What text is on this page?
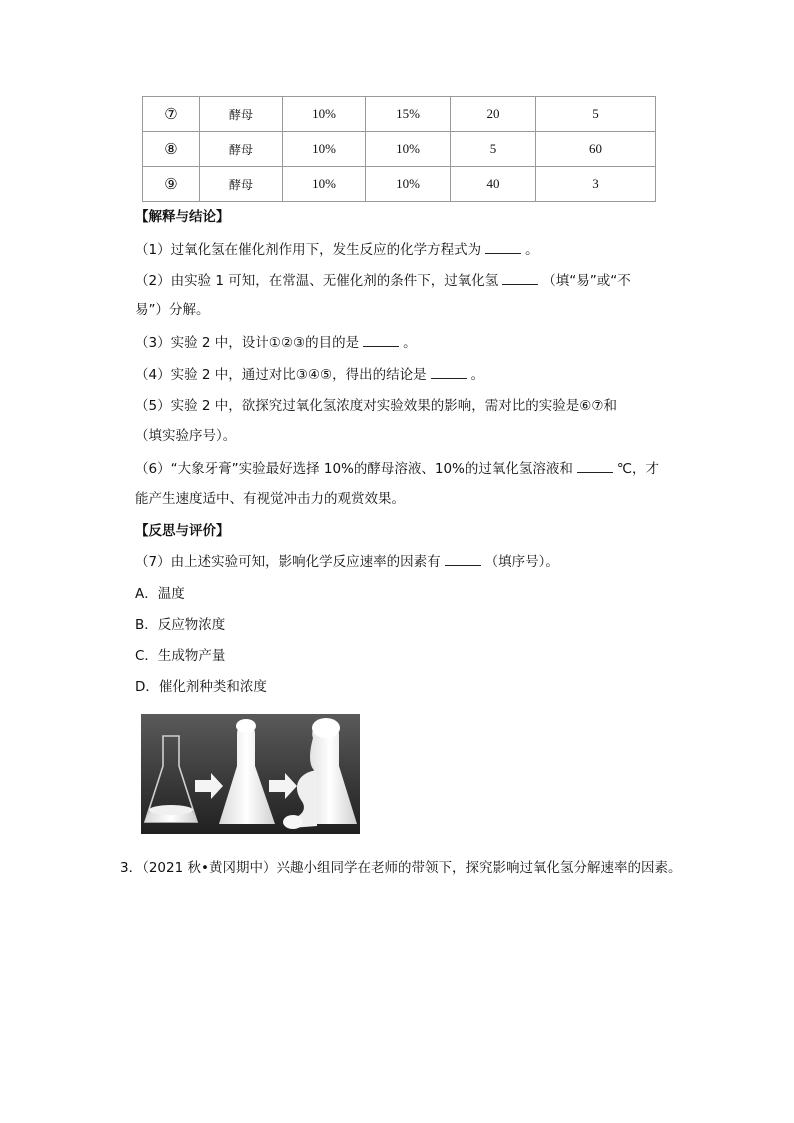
⑦	酵母	10%	15%	20	5
⑧	酵母	10%	10%	5	60
⑨	酵母	10%	10%	40	3
【解释与结论】
（1）过氧化氢在催化剂作用下，发生反应的化学方程式为	。
（2）由实验 1 可知，在常温、无催化剂的条件下，过氧化氢	（填“易”或“不
易”）分解。
（3）实验 2 中，设计①②③的目的是	。
（4）实验 2 中，通过对比③④⑤，得出的结论是	。
（5）实验 2 中，欲探究过氧化氢浓度对实验效果的影响，需对比的实验是⑥⑦和
（填实验序号）。
（6）“大象牙膏”实验最好选择 10%的酵母溶液、10%的过氧化氢溶液和	℃，才
能产生速度适中、有视觉冲击力的观赏效果。
【反思与评价】
（7）由上述实验可知，影响化学反应速率的因素有	（填序号）。
A．温度
B．反应物浓度
C．生成物产量
D．催化剂种类和浓度
3．（2021 秋•黄冈期中）兴趣小组同学在老师的带领下，探究影响过氧化氢分解速率的因素。
